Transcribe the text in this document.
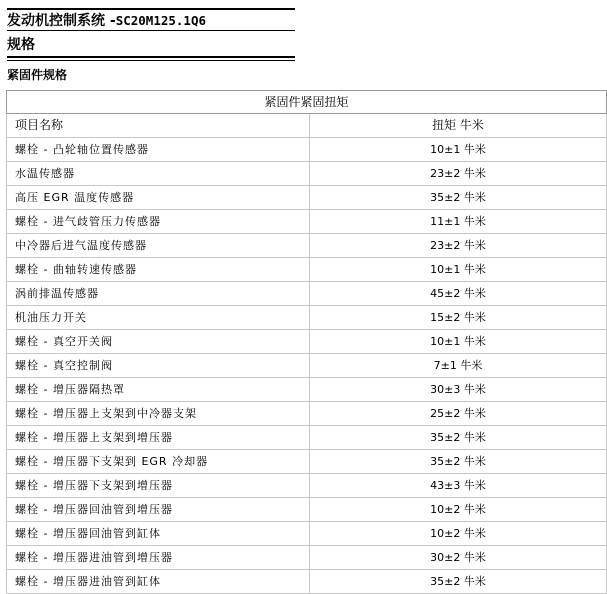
发动机控制系统 -SC20M125.1Q6
规格
紧固件规格
紧固件紧固扭矩	
项目名称	扭矩 牛米
螺栓 - 凸轮轴位置传感器	10±1 牛米
水温传感器	23±2 牛米
高压 EGR 温度传感器	35±2 牛米
螺栓 - 进气歧管压力传感器	11±1 牛米
中冷器后进气温度传感器	23±2 牛米
螺栓 - 曲轴转速传感器	10±1 牛米
涡前排温传感器	45±2 牛米
机油压力开关	15±2 牛米
螺栓 - 真空开关阀	10±1 牛米
螺栓 - 真空控制阀	7±1 牛米
螺栓 - 增压器隔热罩	30±3 牛米
螺栓 - 增压器上支架到中冷器支架	25±2 牛米
螺栓 - 增压器上支架到增压器	35±2 牛米
螺栓 - 增压器下支架到 EGR 冷却器	35±2 牛米
螺栓 - 增压器下支架到增压器	43±3 牛米
螺栓 - 增压器回油管到增压器	10±2 牛米
螺栓 - 增压器回油管到缸体	10±2 牛米
螺栓 - 增压器进油管到增压器	30±2 牛米
螺栓 - 增压器进油管到缸体	35±2 牛米
